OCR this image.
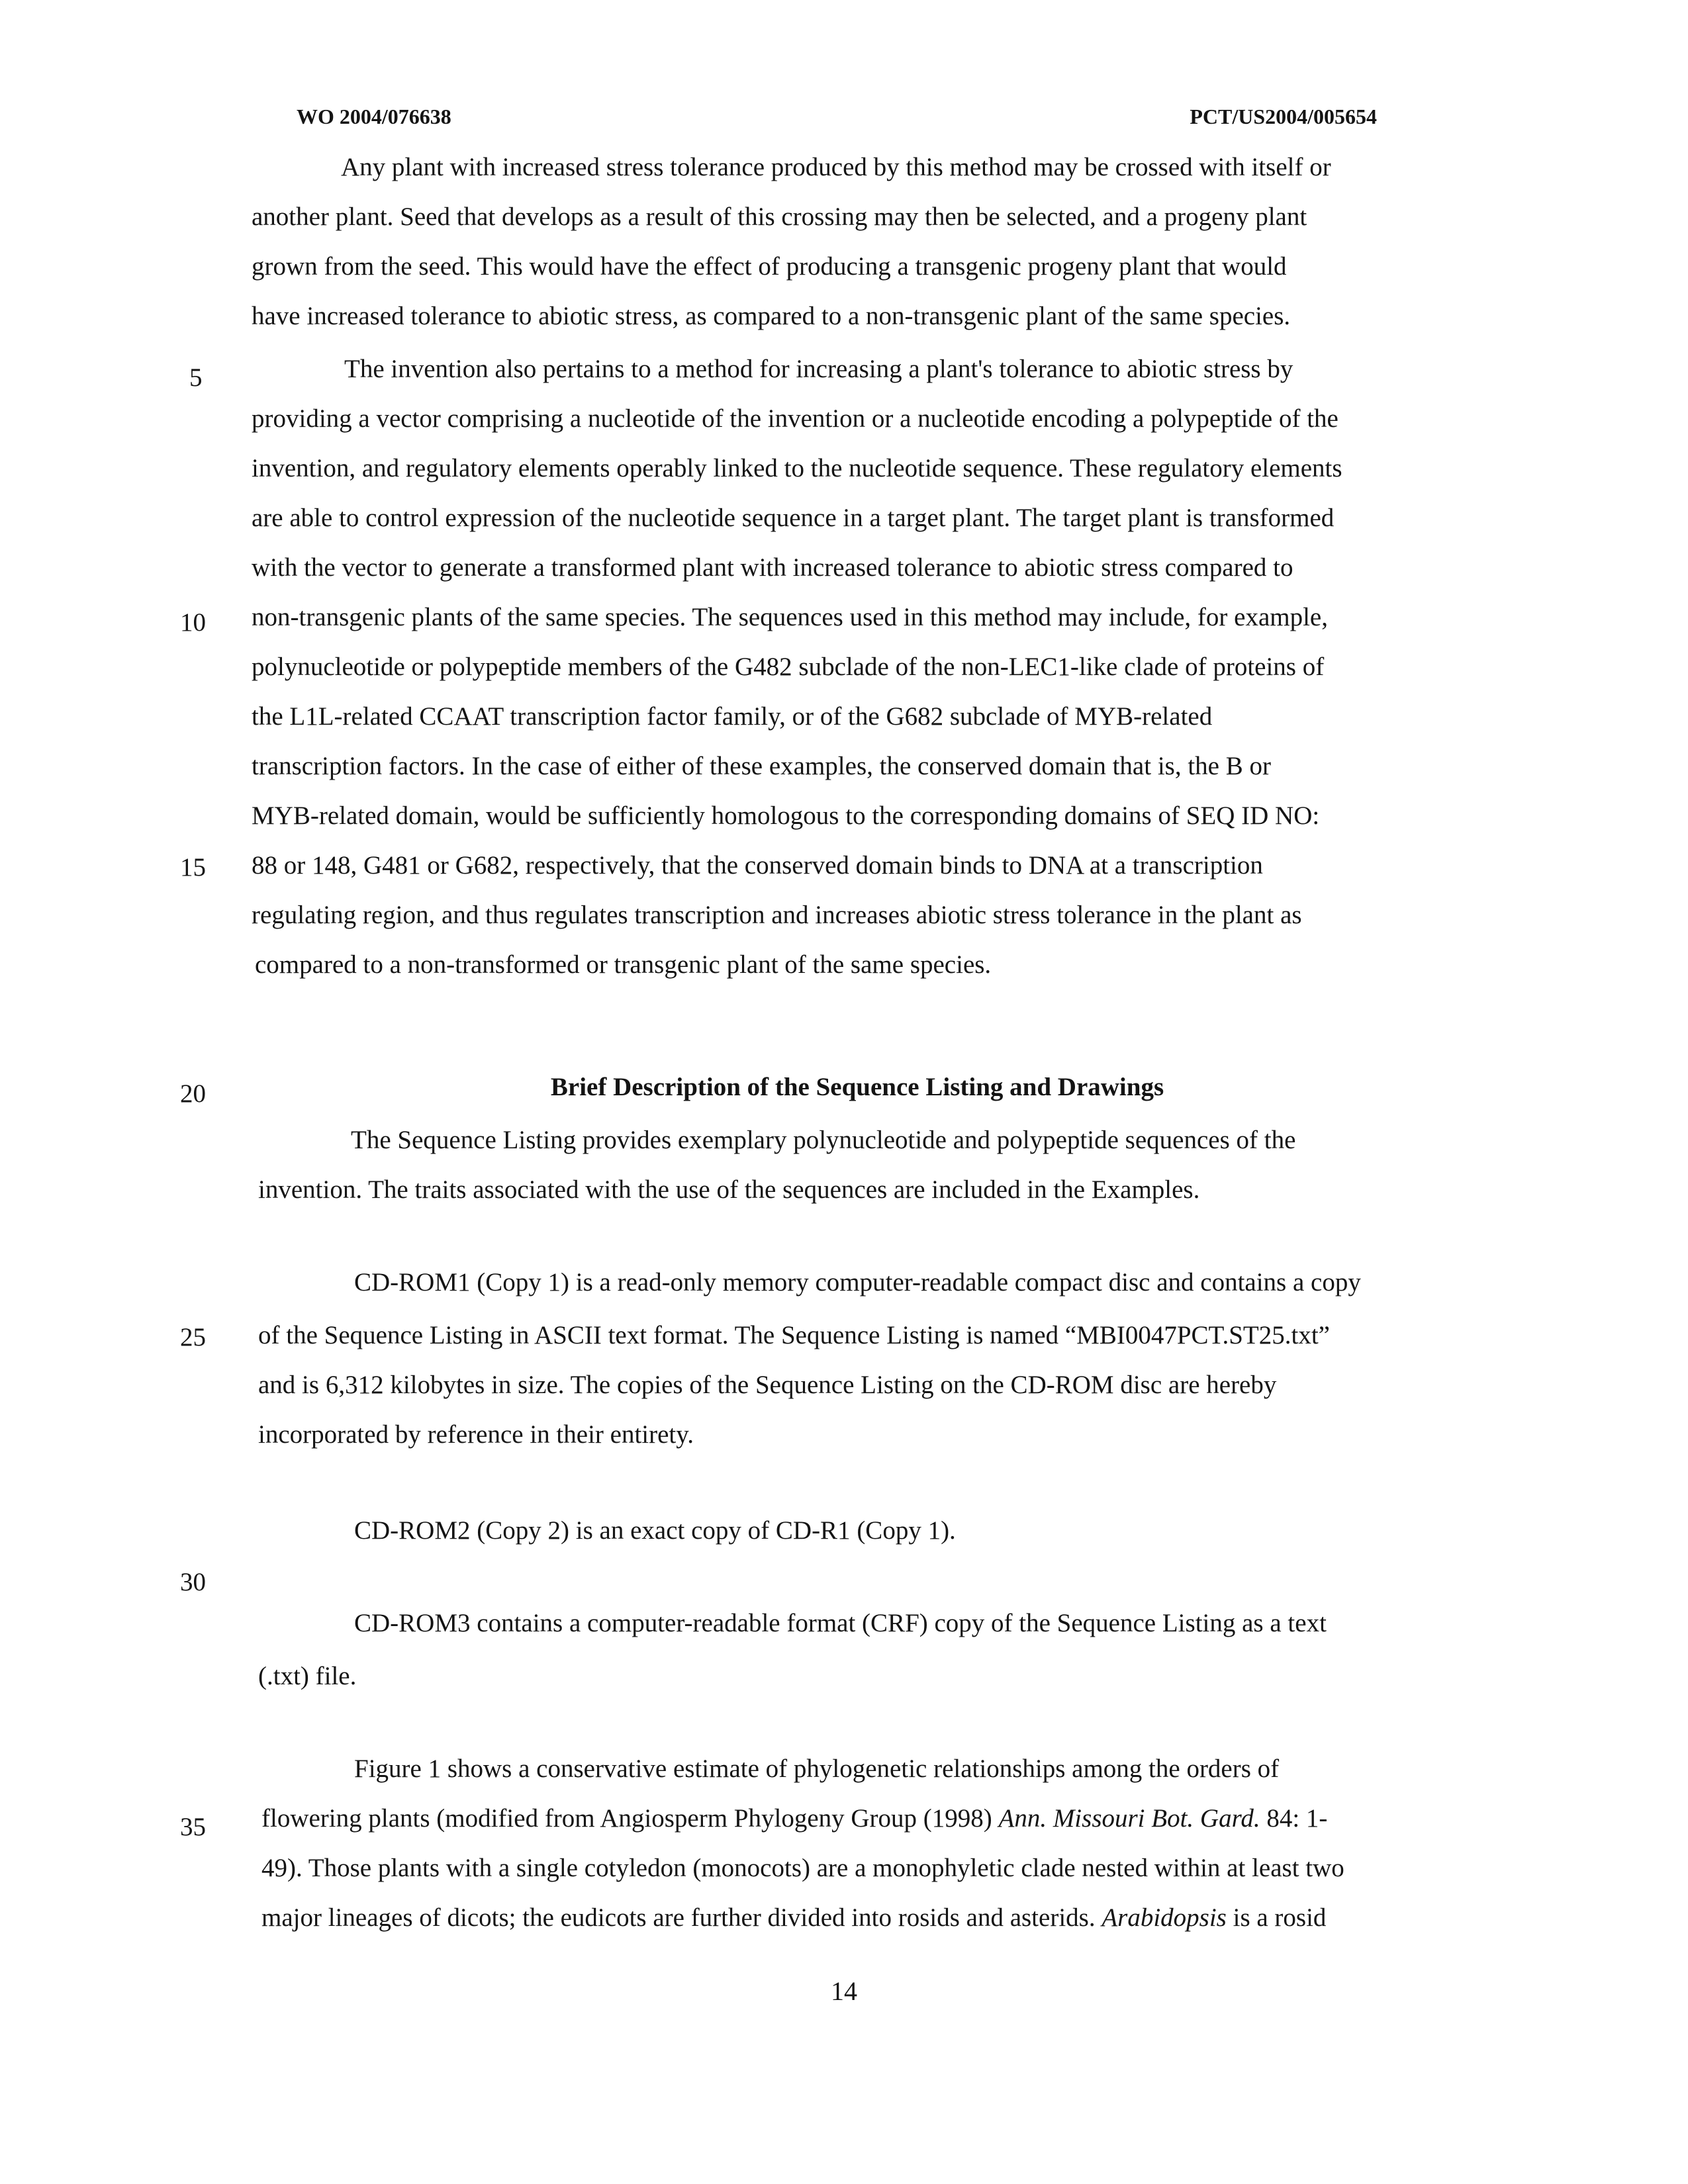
WO 2004/076638	PCT/US2004/005654
5
10
15
20
25
30
35
Any plant with increased stress tolerance produced by this method may be crossed with itself or
another plant. Seed that develops as a result of this crossing may then be selected, and a progeny plant
grown from the seed. This would have the effect of producing a transgenic progeny plant that would
have increased tolerance to abiotic stress, as compared to a non-transgenic plant of the same species.
The invention also pertains to a method for increasing a plant's tolerance to abiotic stress by
providing a vector comprising a nucleotide of the invention or a nucleotide encoding a polypeptide of the
invention, and regulatory elements operably linked to the nucleotide sequence. These regulatory elements
are able to control expression of the nucleotide sequence in a target plant. The target plant is transformed
with the vector to generate a transformed plant with increased tolerance to abiotic stress compared to
non-transgenic plants of the same species. The sequences used in this method may include, for example,
polynucleotide or polypeptide members of the G482 subclade of the non-LEC1-like clade of proteins of
the L1L-related CCAAT transcription factor family, or of the G682 subclade of MYB-related
transcription factors. In the case of either of these examples, the conserved domain that is, the B or
MYB-related domain, would be sufficiently homologous to the corresponding domains of SEQ ID NO:
88 or 148, G481 or G682, respectively, that the conserved domain binds to DNA at a transcription
regulating region, and thus regulates transcription and increases abiotic stress tolerance in the plant as
compared to a non-transformed or transgenic plant of the same species.
Brief Description of the Sequence Listing and Drawings
The Sequence Listing provides exemplary polynucleotide and polypeptide sequences of the
invention. The traits associated with the use of the sequences are included in the Examples.
CD-ROM1 (Copy 1) is a read-only memory computer-readable compact disc and contains a copy
of the Sequence Listing in ASCII text format. The Sequence Listing is named “MBI0047PCT.ST25.txt”
and is 6,312 kilobytes in size. The copies of the Sequence Listing on the CD-ROM disc are hereby
incorporated by reference in their entirety.
CD-ROM2 (Copy 2) is an exact copy of CD-R1 (Copy 1).
CD-ROM3 contains a computer-readable format (CRF) copy of the Sequence Listing as a text
(.txt) file.
Figure 1 shows a conservative estimate of phylogenetic relationships among the orders of
flowering plants (modified from Angiosperm Phylogeny Group (1998) Ann. Missouri Bot. Gard. 84: 1-
49). Those plants with a single cotyledon (monocots) are a monophyletic clade nested within at least two
major lineages of dicots; the eudicots are further divided into rosids and asterids. Arabidopsis is a rosid
14
